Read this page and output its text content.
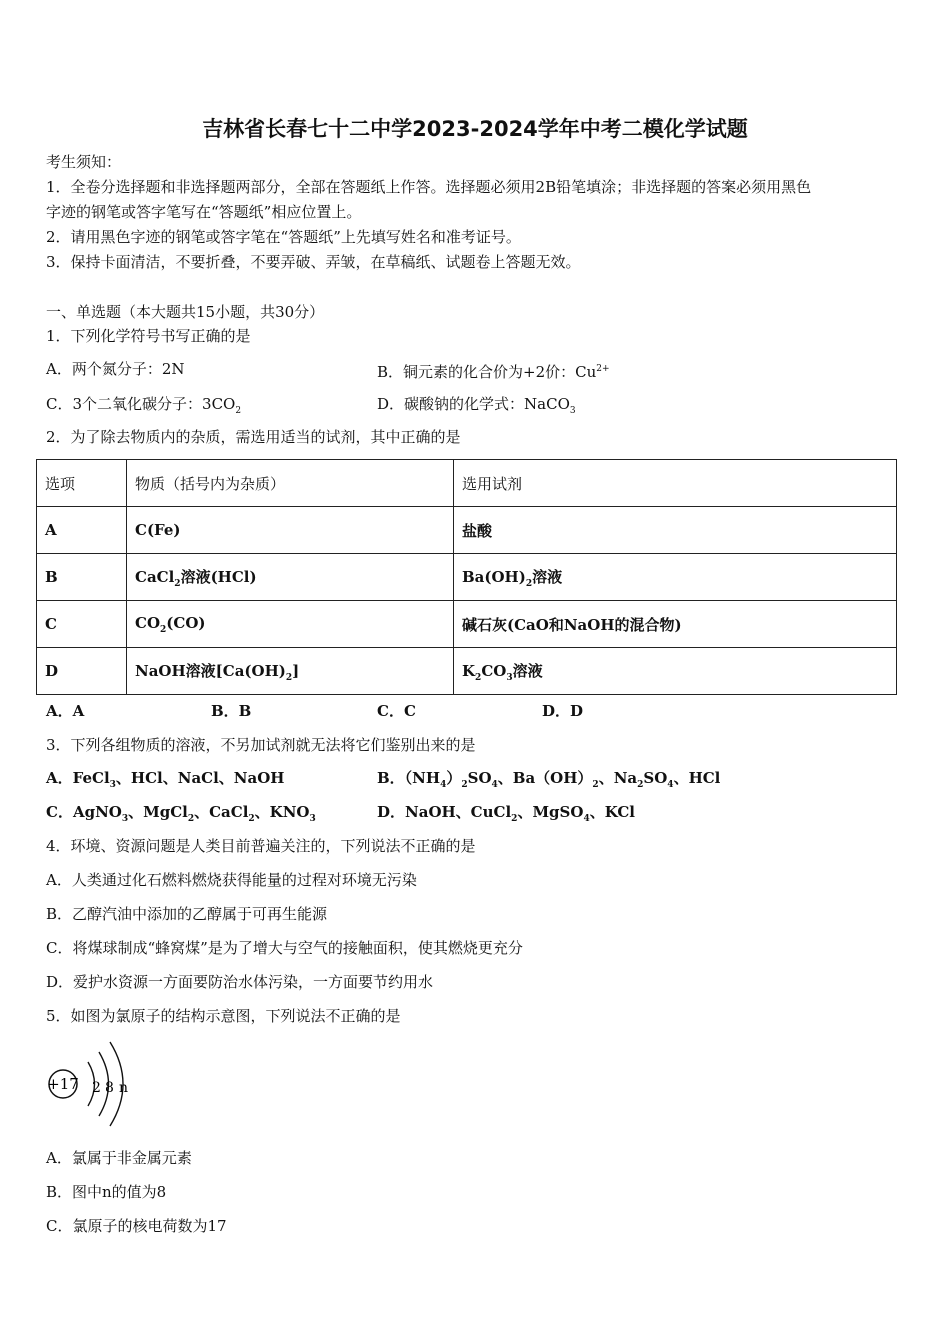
吉林省长春七十二中学2023-2024学年中考二模化学试题
考生须知：
1．全卷分选择题和非选择题两部分，全部在答题纸上作答。选择题必须用2B铅笔填涂；非选择题的答案必须用黑色
字迹的钢笔或答字笔写在“答题纸”相应位置上。
2．请用黑色字迹的钢笔或答字笔在“答题纸”上先填写姓名和准考证号。
3．保持卡面清洁，不要折叠，不要弄破、弄皱，在草稿纸、试题卷上答题无效。
一、单选题（本大题共15小题，共30分）
1．下列化学符号书写正确的是
A．两个氮分子：2N	B．铜元素的化合价为+2价：$Cu^{2+}$
C．3个二氧化碳分子：$3CO_2$	D．碳酸钠的化学式：NaCO$_3$
2．为了除去物质内的杂质，需选用适当的试剂，其中正确的是
选项	物质（括号内为杂质）	选用试剂
A	C(Fe)	盐酸
B	CaCl$_2$溶液(HCl)	$Ba(OH)_2$溶液
C	$CO_2(CO)$	碱石灰(CaO和NaOH的混合物)
D	NaOH溶液$[Ca(OH)_2]$	$K_2CO_3$溶液
A．A	B．B	C．C	D．D
3．下列各组物质的溶液，不另加试剂就无法将它们鉴别出来的是
A．FeCl$_3$、HCl、NaCl、NaOH	B．$(NH_4)_2SO_4$、$Ba(OH)_2$、$Na_2SO_4$、HCl
C．AgNO$_3$、MgCl$_2$、CaCl$_2$、$KNO_3$	D．NaOH、CuCl$_2$、MgSO$_4$、KCl
4．环境、资源问题是人类目前普遍关注的，下列说法不正确的是
A．人类通过化石燃料燃烧获得能量的过程对环境无污染
B．乙醇汽油中添加的乙醇属于可再生能源
C．将煤球制成“蜂窝煤”是为了增大与空气的接触面积，使其燃烧更充分
D．爱护水资源一方面要防治水体污染，一方面要节约用水
5．如图为氯原子的结构示意图，下列说法不正确的是
+17 2 8 n
A．氯属于非金属元素
B．图中n的值为8
C．氯原子的核电荷数为17
